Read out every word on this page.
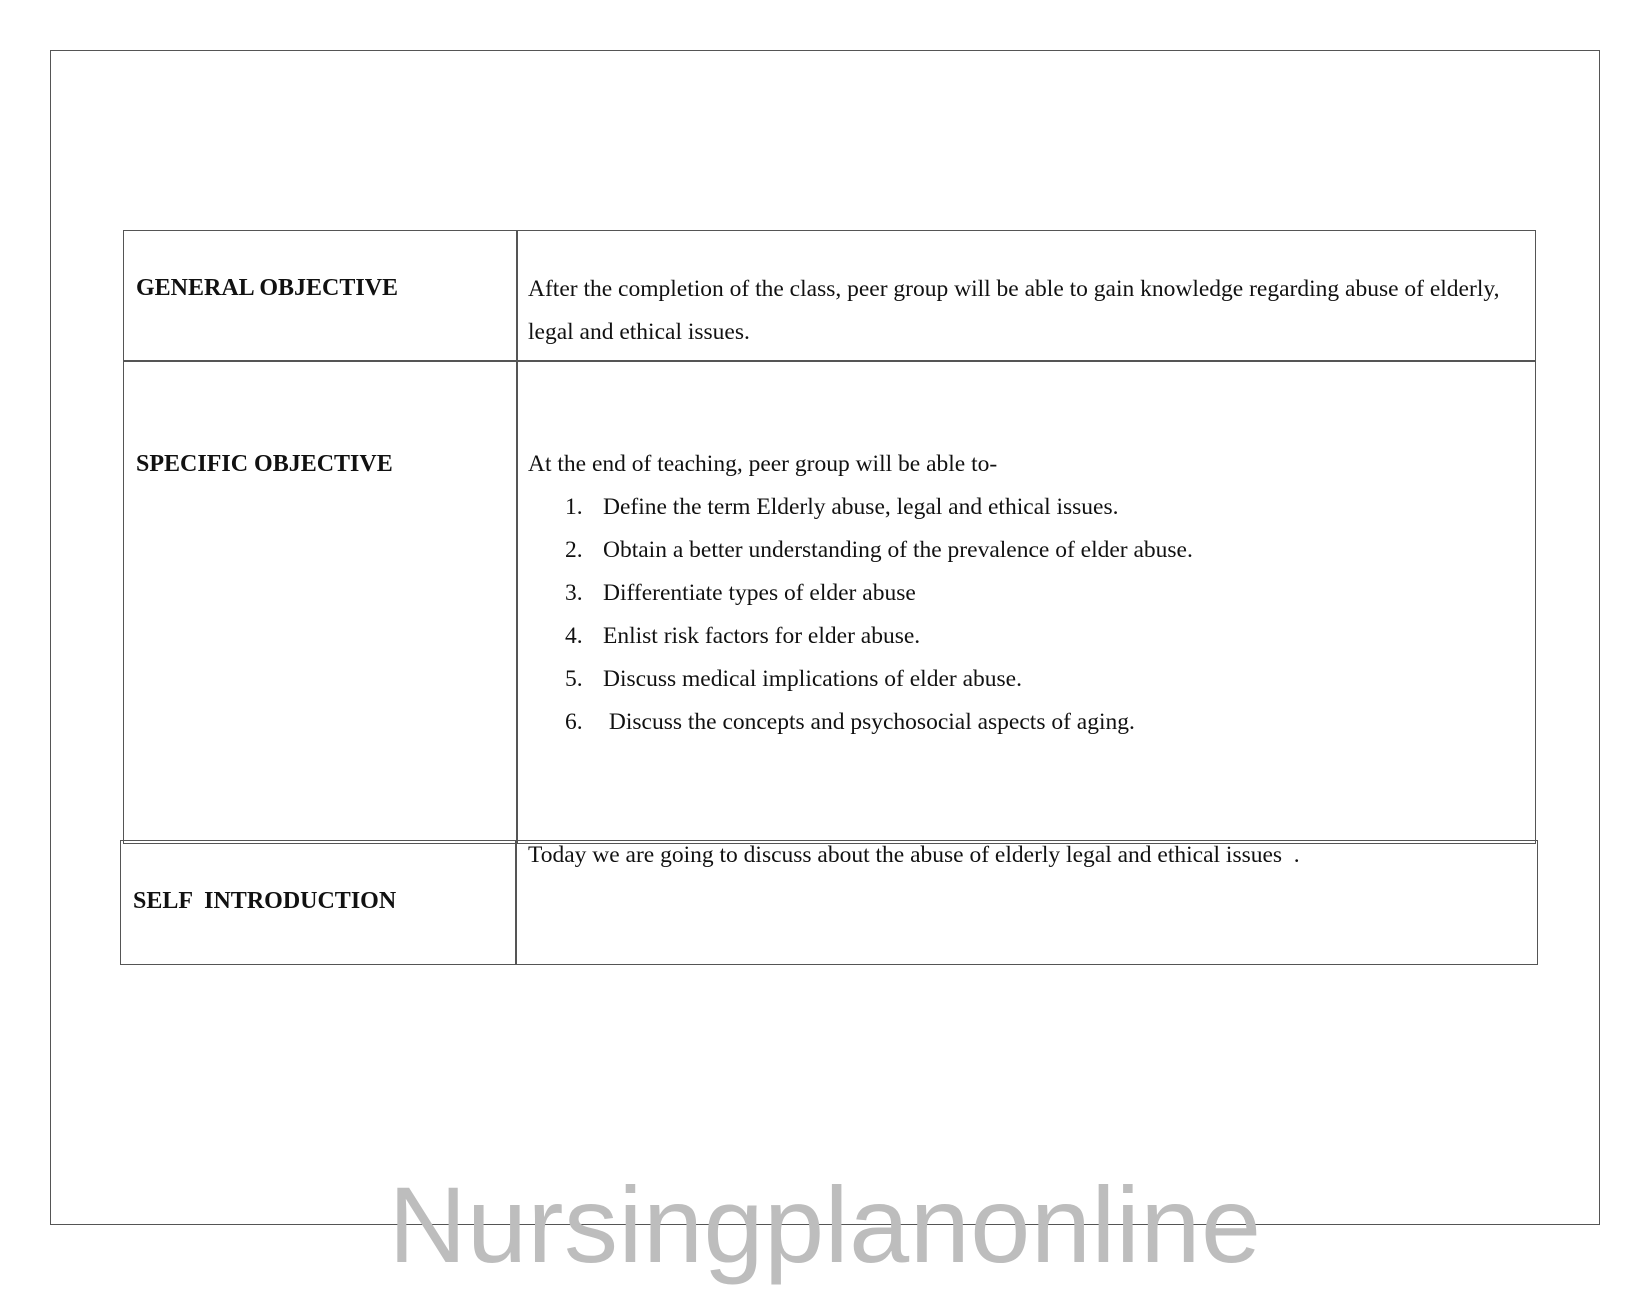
GENERAL OBJECTIVE	After the completion of the class, peer group will be able to gain knowledge regarding abuse of elderly, legal and ethical issues.
SPECIFIC OBJECTIVE	At the end of teaching, peer group will be able to-
1. Define the term Elderly abuse, legal and ethical issues.
2. Obtain a better understanding of the prevalence of elder abuse.
3. Differentiate types of elder abuse
4. Enlist risk factors for elder abuse.
5. Discuss medical implications of elder abuse.
6. Discuss the concepts and psychosocial aspects of aging.
SELF  INTRODUCTION
Today we are going to discuss about the abuse of elderly legal and ethical issues  .
Nursingplanonline
